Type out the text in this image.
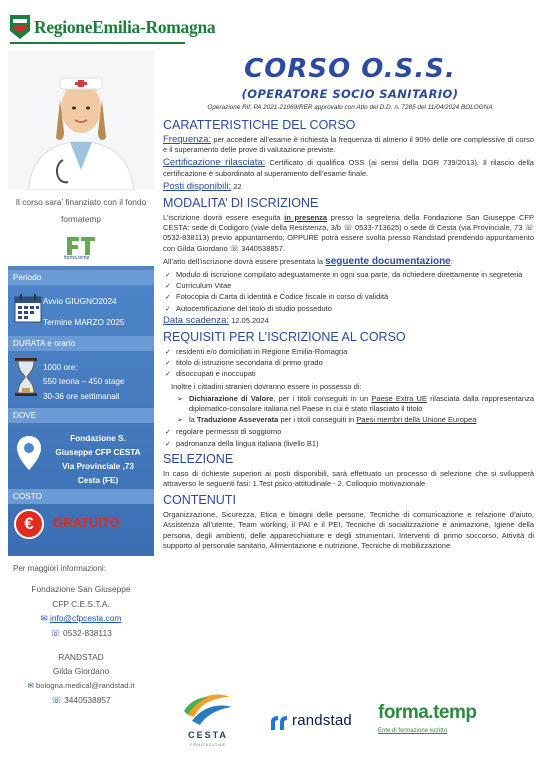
RegioneEmilia-Romagna
CORSO O.S.S.
(OPERATORE SOCIO SANITARIO)
Operazione Rif. PA 2021-21069/RER approvato con Atto del D.D. n. 7285 del 11/04/2024 BOLOGNA
Il corso sara’ finanziato con il fondo formatemp
forma.temp
Periodo
Avvio GIUGNO2024
Termine MARZO 2025
DURATA e orario
1000 ore:
550 teoria – 450 stage
30-36 ore settimanali
DOVE
Fondazione S.
Giuseppe CFP CESTA
Via Provinciale ,73
Cesta (FE)
COSTO
€	GRATUITO
Per maggiori informazioni:
Fondazione San Giuseppe
CFP C.E.S.T.A.
✉ info@cfpcesta.com
☏ 0532-838113
RANDSTAD
Gilda Giordano
✉ bologna.medical@randstad.it
☏ 3440538857
CARATTERISTICHE DEL CORSO

Frequenza: per accedere all’esame è richiesta la frequenza di almeno il 90% delle ore complessive di corso e il superamento delle prove di valutazione previste.

Certificazione rilasciata: Certificato di qualifica OSS (ai sensi della DGR 739/2013). Il rilascio della certificazione è subordinato al superamento dell’esame finale.

Posti disponibili: 22

MODALITA’ DI ISCRIZIONE

L’iscrizione dovrà essere eseguita in presenza presso la segreteria della Fondazione San Giuseppe CFP CESTA: sede di Codigoro (viale della Resistenza, 3/b ☏ 0533-713625) o sede di Cesta (via Provinciale, 73 ☏ 0532-838113) previo appuntamento; OPPURE potrà essere svolta presso Randstad prendendo appuntamento con Gilda Giordano ☏ 3440538857.

All’atto dell’iscrizione dovrà essere presentata la seguente documentazione:

✓ Modulo di iscrizione compilato adeguatamente in ogni sua parte, da richiedere direttamente in segreteria
✓ Curriculum Vitae
✓ Fotocopia di Carta di identità e Codice fiscale in corso di validità
✓ Autocertificazione del titolo di studio posseduto

Data scadenza: 12.05.2024

REQUISITI PER L’ISCRIZIONE AL CORSO
✓ residenti e/o domiciliati in Regione Emilia-Romagna
✓ titolo di istruzione secondaria di primo grado
✓ disoccupati e inoccupati

Inoltre i cittadini stranieri dovranno essere in possesso di:

➢ Dichiarazione di Valore, per i titoli conseguiti in un Paese Extra UE rilasciata dalla rappresentanza diplomatico-consolare italiana nel Paese in cui è stato rilasciato il titolo
➢ la Traduzione Asseverata per i titoli conseguiti in Paesi membri della Unione Europea
✓ regolare permesso di soggiorno
✓ padronanza della lingua italiana (livello B1)
SELEZIONE

In caso di richieste superiori ai posti disponibili, sarà effettuato un processo di selezione che si svilupperà attraverso le seguenti fasi: 1.Test psico-attitudinale - 2. Colloquio motivazionale

CONTENUTI

Organizzazione, Sicurezza, Etica e bisogni delle persone, Tecniche di comunicazione e relazione d’aiuto, Assistenza all’utente, Team working, il PAI e il PEI, Tecniche di socializzazione e animazione, Igiene della persona, degli ambienti, delle apparecchiature e degli strumentari, Interventi di primo soccorso, Attività di supporto al personale sanitario, Alimentazione e nutrizione, Tecniche di mobilizzazione

CESTA
FONDAZIONE
randstad forma.temp
Ente di formazione iscritto
